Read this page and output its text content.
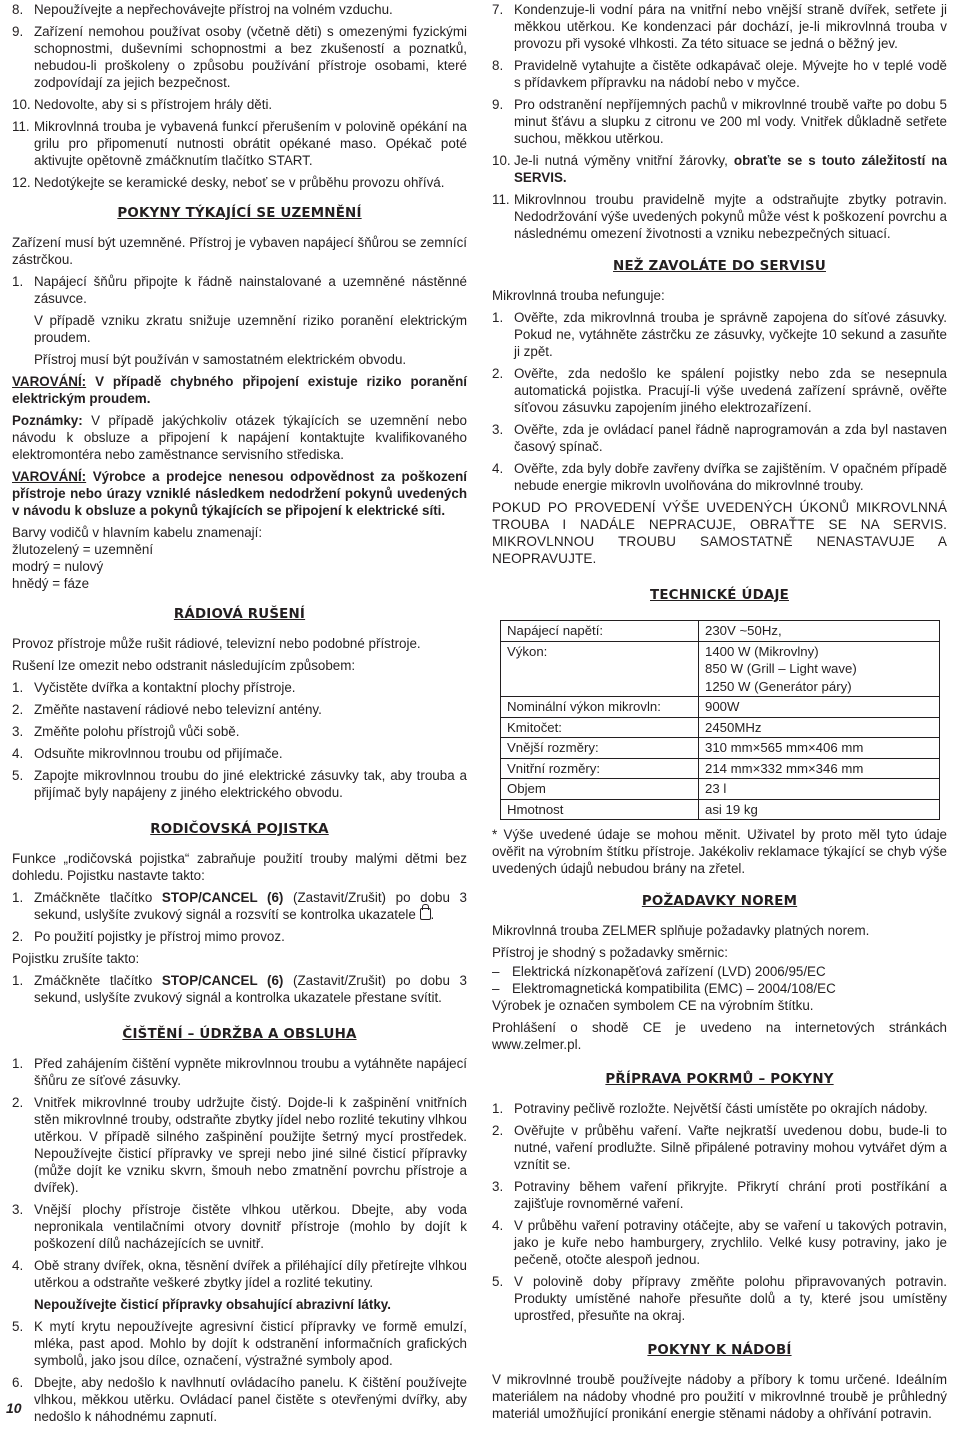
8. Nepoužívejte a nepřechovávejte přístroj na volném vzduchu.
9. Zařízení nemohou používat osoby (včetně děti) s omezenými fyzickými schopnostmi, duševními schopnostmi a bez zkušeností a poznatků, nebudou-li proškoleny o způsobu používání přístroje osobami, které zodpovídají za jejich bezpečnost.
10. Nedovolte, aby si s přístrojem hrály děti.
11. Mikrovlnná trouba je vybavená funkcí přerušením v polovině opékání na grilu pro připomenutí nutnosti obrátit opékané maso. Opékač poté aktivujte opětovně zmáčknutím tlačítko START.
12. Nedotýkejte se keramické desky, neboť se v průběhu provozu ohřívá.
POKYNY TÝKAJÍCÍ SE UZEMNĚNÍ

Zařízení musí být uzemněné. Přístroj je vybaven napájecí šňůrou se zemnící zástrčkou.

1. Napájecí šňůru připojte k řádně nainstalované a uzemněné nástěnné zásuvce.

V případě vzniku zkratu snižuje uzemnění riziko poranění elektrickým proudem.

Přístroj musí být používán v samostatném elektrickém obvodu.

VAROVÁNÍ: V případě chybného připojení existuje riziko poranění elektrickým proudem.

Poznámky: V případě jakýchkoliv otázek týkajících se uzemnění nebo návodu k obsluze a připojení k napájení kontaktujte kvalifikovaného elektromontéra nebo zaměstnance servisního střediska.

VAROVÁNÍ: Výrobce a prodejce nenesou odpovědnost za poškození přístroje nebo úrazy vzniklé následkem nedodržení pokynů uvedených v návodu k obsluze a pokynů týkajících se připojení k elektrické síti.

Barvy vodičů v hlavním kabelu znamenají:

žlutozelený = uzemnění
modrý = nulový
hnědý = fáze
RÁDIOVÁ RUŠENÍ

Provoz přístroje může rušit rádiové, televizní nebo podobné přístroje.

Rušení lze omezit nebo odstranit následujícím způsobem:

1. Vyčistěte dvířka a kontaktní plochy přístroje.
2. Změňte nastavení rádiové nebo televizní antény.
3. Změňte polohu přístrojů vůči sobě.
4. Odsuňte mikrovlnnou troubu od přijímače.
5. Zapojte mikrovlnnou troubu do jiné elektrické zásuvky tak, aby trouba a přijímač byly napájeny z jiného elektrického obvodu.
RODIČOVSKÁ POJISTKA

Funkce „rodičovská pojistka“ zabraňuje použití trouby malými dětmi bez dohledu. Pojistku nastavte takto:

1. Zmáčkněte tlačítko STOP/CANCEL (6) (Zastavit/Zrušit) po dobu 3 sekund, uslyšíte zvukový signál a rozsvítí se kontrolka ukazatele .
2. Po použití pojistky je přístroj mimo provoz.

Pojistku zrušíte takto:

1. Zmáčkněte tlačítko STOP/CANCEL (6) (Zastavit/Zrušit) po dobu 3 sekund, uslyšíte zvukový signál a kontrolka ukazatele přestane svítit.
ČIŠTĚNÍ – ÚDRŽBA A OBSLUHA
1. Před zahájením čištění vypněte mikrovlnnou troubu a vytáhněte napájecí šňůru ze síťové zásuvky.
2. Vnitřek mikrovlnné trouby udržujte čistý. Dojde-li k zašpinění vnitřních stěn mikrovlnné trouby, odstraňte zbytky jídel nebo rozlité tekutiny vlhkou utěrkou. V případě silného zašpinění použijte šetrný mycí prostředek. Nepoužívejte čisticí přípravky ve spreji nebo jiné silné čisticí přípravky (může dojít ke vzniku skvrn, šmouh nebo zmatnění povrchu přístroje a dvířek).
3. Vnější plochy přístroje čistěte vlhkou utěrkou. Dbejte, aby voda nepronikala ventilačními otvory dovnitř přístroje (mohlo by dojít k poškození dílů nacházejících se uvnitř.
4. Obě strany dvířek, okna, těsnění dvířek a přiléhající díly přetírejte vlhkou utěrkou a odstraňte veškeré zbytky jídel a rozlité tekutiny.

Nepoužívejte čisticí přípravky obsahující abrazivní látky.

5. K mytí krytu nepoužívejte agresivní čisticí přípravky ve formě emulzí, mléka, past apod. Mohlo by dojít k odstranění informačních grafických symbolů, jako jsou dílce, označení, výstražné symboly apod.
6. Dbejte, aby nedošlo k navlhnutí ovládacího panelu. K čištění používejte vlhkou, měkkou utěrku. Ovládací panel čistěte s otevřenými dvířky, aby nedošlo k náhodnému zapnutí.
10
7. Kondenzuje-li vodní pára na vnitřní nebo vnější straně dvířek, setřete ji měkkou utěrkou. Ke kondenzaci pár dochází, je-li mikrovlnná trouba v provozu při vysoké vlhkosti. Za této situace se jedná o běžný jev.
8. Pravidelně vytahujte a čistěte odkapávač oleje. Mývejte ho v teplé vodě s přídavkem přípravku na nádobí nebo v myčce.
9. Pro odstranění nepříjemných pachů v mikrovlnné troubě vařte po dobu 5 minut šťávu a slupku z citronu ve 200 ml vody. Vnitřek důkladně setřete suchou, měkkou utěrkou.
10. Je-li nutná výměny vnitřní žárovky, obraťte se s touto záležitostí na SERVIS.
11. Mikrovlnnou troubu pravidelně myjte a odstraňujte zbytky potravin. Nedodržování výše uvedených pokynů může vést k poškození povrchu a následnému omezení životnosti a vzniku nebezpečných situací.
NEŽ ZAVOLÁTE DO SERVISU

Mikrovlnná trouba nefunguje:

1. Ověřte, zda mikrovlnná trouba je správně zapojena do síťové zásuvky. Pokud ne, vytáhněte zástrčku ze zásuvky, vyčkejte 10 sekund a zasuňte ji zpět.
2. Ověřte, zda nedošlo ke spálení pojistky nebo zda se nesepnula automatická pojistka. Pracují-li výše uvedená zařízení správně, ověřte síťovou zásuvku zapojením jiného elektrozařízení.
3. Ověřte, zda je ovládací panel řádně naprogramován a zda byl nastaven časový spínač.
4. Ověřte, zda byly dobře zavřeny dvířka se zajištěním. V opačném případě nebude energie mikrovln uvolňována do mikrovlnné trouby.

POKUD PO PROVEDENÍ VÝŠE UVEDENÝCH ÚKONŮ MIKROVLNNÁ TROUBA I NADÁLE NEPRACUJE, OBRAŤTE SE NA SERVIS. MIKROVLNNOU TROUBU SAMOSTATNĚ NENASTAVUJE A NEOPRAVUJTE.

TECHNICKÉ ÚDAJE
Napájecí napětí:	230V ~50Hz,

Výkon:	1400 W (Mikrovlny)
850 W (Grill – Light wave)
1250 W (Generátor páry)

Nominální výkon mikrovln:	900W

Kmitočet:	2450MHz

Vnější rozměry:	310 mm×565 mm×406 mm

Vnitřní rozměry:	214 mm×332 mm×346 mm

Objem	23 l

Hmotnost	asi 19 kg

* Výše uvedené údaje se mohou měnit. Uživatel by proto měl tyto údaje ověřit na výrobním štítku přístroje. Jakékoliv reklamace týkající se chyb výše uvedených údajů nebudou brány na zřetel.

POŽADAVKY NOREM

Mikrovlnná trouba ZELMER splňuje požadavky platných norem.

Přístroj je shodný s požadavky směrnic:

– Elektrická nízkonapěťová zařízení (LVD) 2006/95/EC
– Elektromagnetická kompatibilita (EMC) – 2004/108/EC

Výrobek je označen symbolem CE na výrobním štítku.

Prohlášení o shodě CE je uvedeno na internetových stránkách www.zelmer.pl.

PŘÍPRAVA POKRMŮ – POKYNY
1. Potraviny pečlivě rozložte. Největší části umístěte po okrajích nádoby.
2. Ověřujte v průběhu vaření. Vařte nejkratší uvedenou dobu, bude-li to nutné, vaření prodlužte. Silně připálené potraviny mohou vytvářet dým a vznítit se.
3. Potraviny během vaření přikryjte. Přikrytí chrání proti postříkání a zajišťuje rovnoměrné vaření.
4. V průběhu vaření potraviny otáčejte, aby se vaření u takových potravin, jako je kuře nebo hamburgery, zrychlilo. Velké kusy potraviny, jako je pečeně, otočte alespoň jednou.
5. V polovině doby přípravy změňte polohu připravovaných potravin. Produkty umístěné nahoře přesuňte dolů a ty, které jsou umístěny uprostřed, přesuňte na okraj.
POKYNY K NÁDOBÍ

V mikrovlnné troubě používejte nádoby a příbory k tomu určené. Ideálním materiálem na nádoby vhodné pro použití v mikrovlnné troubě je průhledný materiál umožňující pronikání energie stěnami nádoby a ohřívání potravin.
